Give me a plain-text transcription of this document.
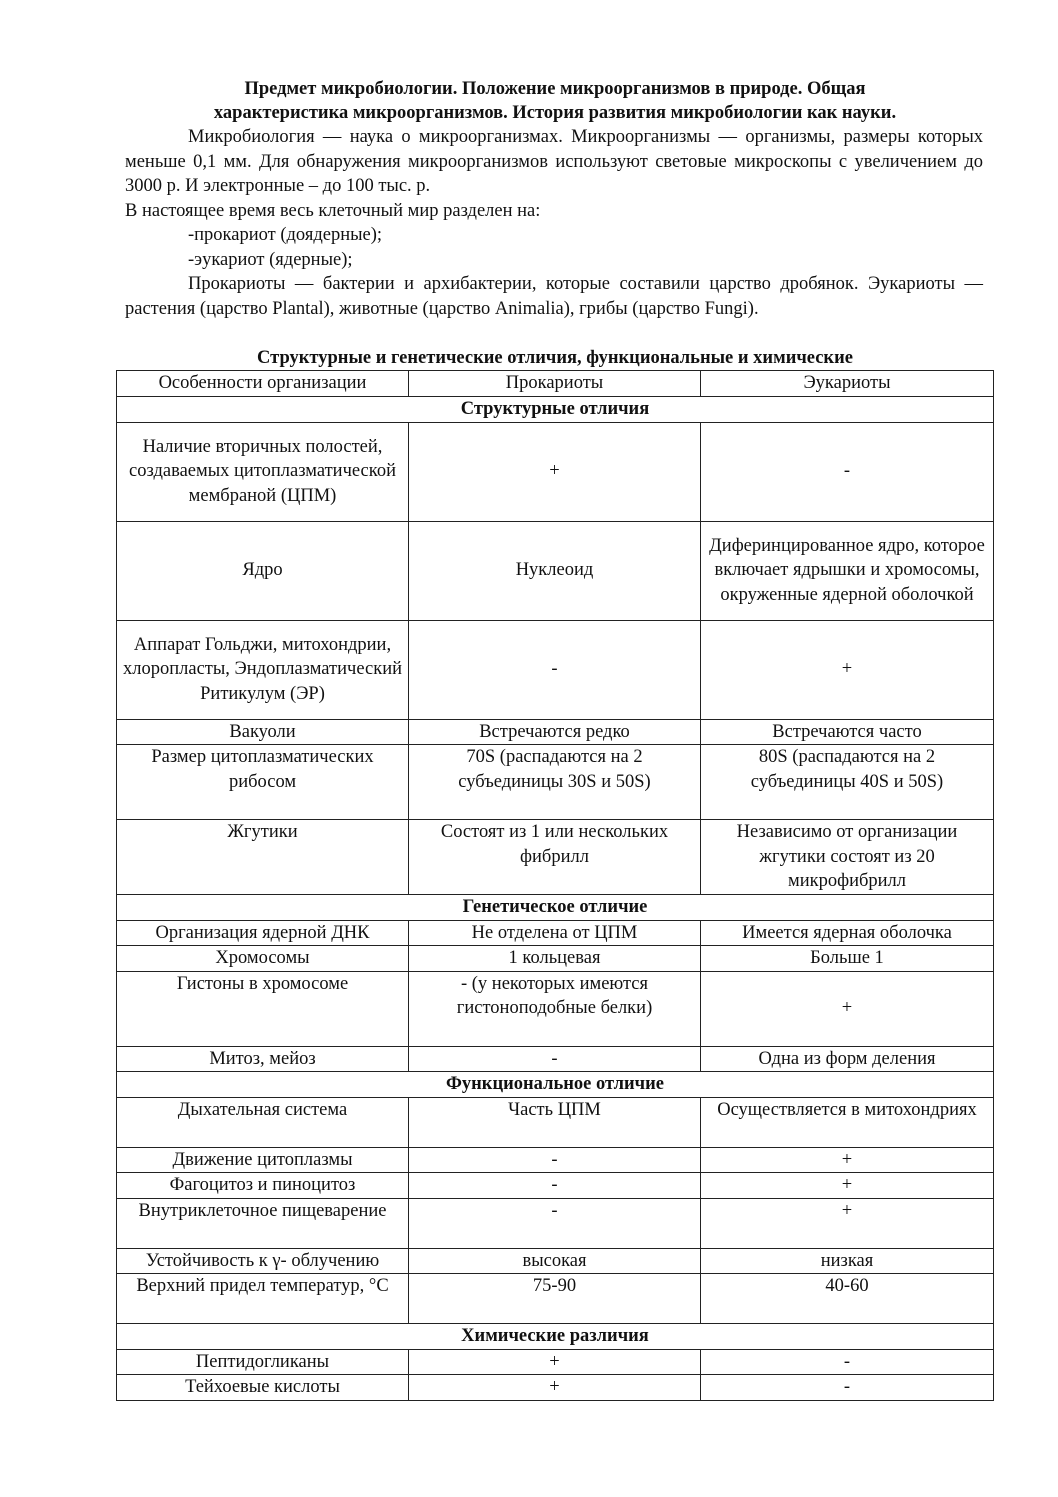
Предмет микробиологии. Положение микроорганизмов в природе. Общая
характеристика микроорганизмов. История развития микробиологии как науки.

Микробиология — наука о микроорганизмах. Микроорганизмы — организмы, размеры которых меньше 0,1 мм. Для обнаружения микроорганизмов используют световые микроскопы с увеличением до 3000 р. И электронные – до 100 тыс. р.

В настоящее время весь клеточный мир разделен на:
-прокариот (доядерные);
-эукариот (ядерные);

Прокариоты — бактерии и архибактерии, которые составили царство дробянок. Эукариоты — растения (царство Plantal), животные (царство Animalia), грибы (царство Fungi).

Структурные и генетические отличия, функциональные и химические
Особенности организации	Прокариоты	Эукариоты
Структурные отличия		
Наличие вторичных полостей, создаваемых цитоплазматической мембраной (ЦПМ)	+	-
Ядро	Нуклеоид	Диферинцированное ядро, которое включает ядрышки и хромосомы, окруженные ядерной оболочкой
Аппарат Гольджи, митохондрии, хлоропласты, Эндоплазматический Ритикулум (ЭР)	-	+
Вакуоли	Встречаются редко	Встречаются часто
Размер цитоплазматических рибосом	70S (распадаются на 2 субъединицы 30S и 50S)	80S (распадаются на 2 субъединицы 40S и 50S)
Жгутики	Состоят из 1 или нескольких фибрилл	Независимо от организации жгутики состоят из 20 микрофибрилл
Генетическое отличие		
Организация ядерной ДНК	Не отделена от ЦПМ	Имеется ядерная оболочка
Хромосомы	1 кольцевая	Больше 1
Гистоны в хромосоме	- (у некоторых имеются гистоноподобные белки)	+
Митоз, мейоз	-	Одна из форм деления
Функциональное отличие		
Дыхательная система	Часть ЦПМ	Осуществляется в митохондриях
Движение цитоплазмы	-	+
Фагоцитоз и пиноцитоз	-	+
Внутриклеточное пищеварение	-	+
Устойчивость к γ- облучению	высокая	низкая
Верхний придел температур, °С	75-90	40-60
Химические различия		
Пептидогликаны	+	-
Тейхоевые кислоты	+	-
